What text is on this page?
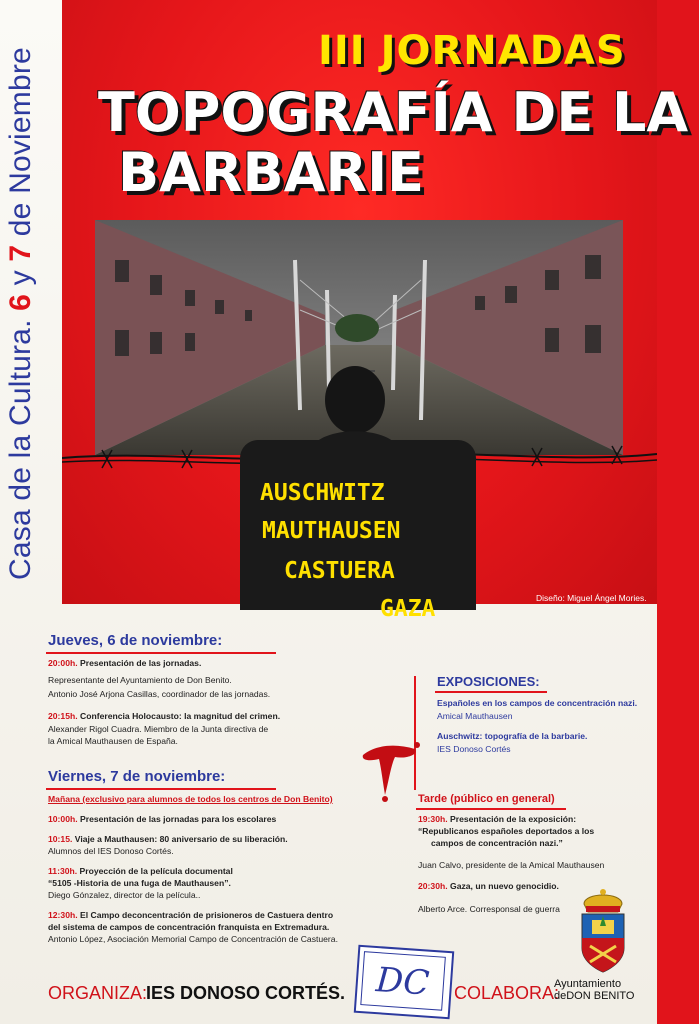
Casa de la Cultura. 6 y 7 de Noviembre	III JORNADAS
TOPOGRAFÍA DE LA
BARBARIE
AUSCHWITZ
MAUTHAUSEN
CASTUERA
GAZA	Diseño: Miguel Ángel Mories.
Jueves, 6 de noviembre:
20:00h. Presentación de las jornadas.
Representante del Ayuntamiento de Don Benito.
Antonio José Arjona Casillas, coordinador de las jornadas.
20:15h. Conferencia Holocausto: la magnitud del crimen.
Alexander Rigol Cuadra. Miembro de la Junta directiva de
la Amical Mauthausen de España.
EXPOSICIONES:
Españoles en los campos de concentración nazi.
Amical Mauthausen
Auschwitz: topografía de la barbarie.
IES Donoso Cortés
Viernes, 7 de noviembre:
Mañana (exclusivo para alumnos de todos los centros de Don Benito)
10:00h. Presentación de las jornadas para los escolares
10:15. Viaje a Mauthausen: 80 aniversario de su liberación.
Alumnos del IES Donoso Cortés.
11:30h. Proyección de la película documental
“5105 -Historia de una fuga de Mauthausen”.
Diego Gónzalez, director de la película..
12:30h. El Campo deconcentración de prisioneros de Castuera dentro
del sistema de campos de concentración franquista en Extremadura.
Antonio López, Asociación Memorial Campo de Concentración de Castuera.
Tarde (público en general)
19:30h. Presentación de la exposición:
“Republicanos españoles deportados a los
campos de concentración nazi.”
Juan Calvo, presidente de la Amical Mauthausen
20:30h. Gaza, un nuevo genocidio.
Alberto Arce. Corresponsal de guerra
ORGANIZA:
IES DONOSO CORTÉS. DC COLABORA:
Ayuntamiento
deDON BENITO
